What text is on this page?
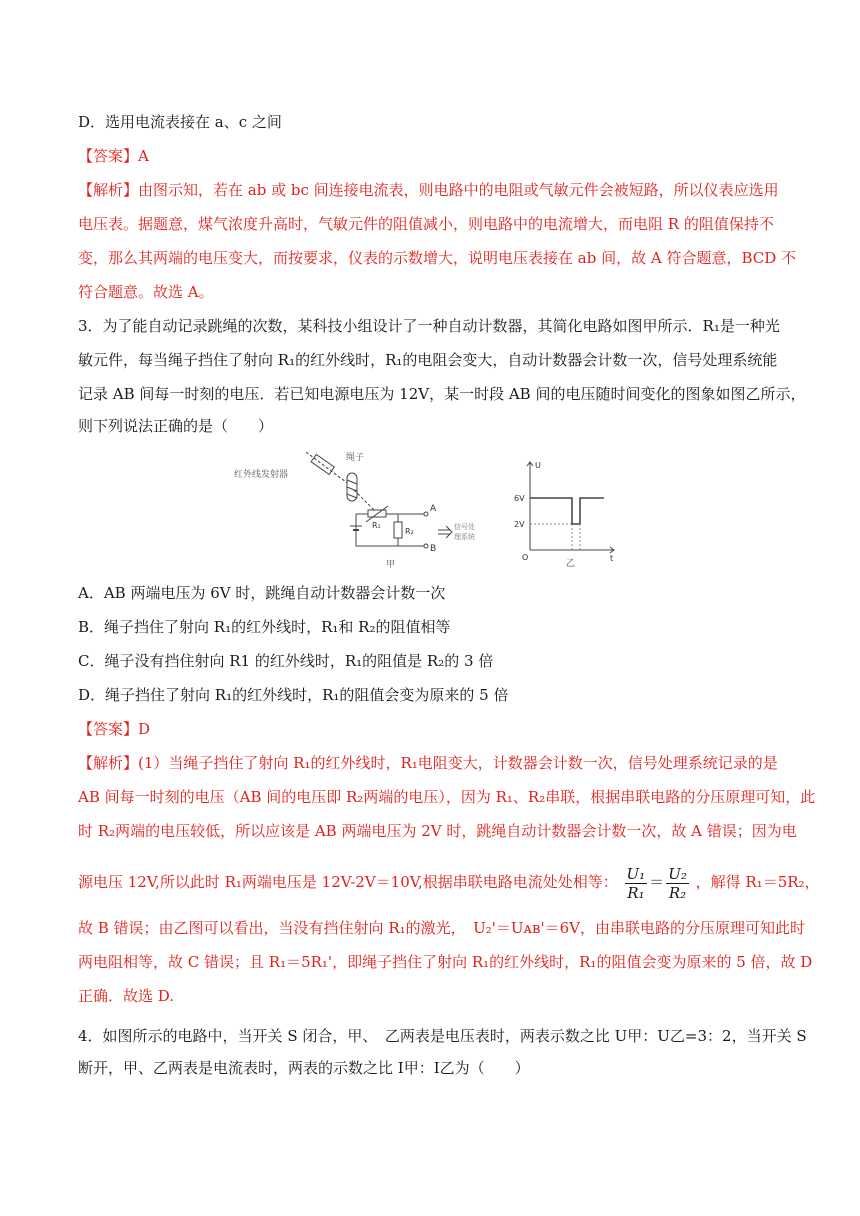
D．选用电流表接在 a、c 之间
【答案】A
【解析】由图示知，若在 ab 或 bc 间连接电流表，则电路中的电阻或气敏元件会被短路，所以仪表应选用
电压表。据题意，煤气浓度升高时，气敏元件的阻值减小，则电路中的电流增大，而电阻 R 的阻值保持不
变，那么其两端的电压变大，而按要求，仪表的示数增大，说明电压表接在 ab 间，故 A 符合题意，BCD 不
符合题意。故选 A。
3．为了能自动记录跳绳的次数，某科技小组设计了一种自动计数器，其简化电路如图甲所示．R₁是一种光
敏元件，每当绳子挡住了射向 R₁的红外线时，R₁的电阻会变大，自动计数器会计数一次，信号处理系统能
记录 AB 间每一时刻的电压．若已知电源电压为 12V，某一时段 AB 间的电压随时间变化的图象如图乙所示，
则下列说法正确的是（　　）
红外线发射器
绳子
R₁
R₂
A
B
信号处
理系统
甲
U
t
O
6V
2V
乙
A．AB 两端电压为 6V 时，跳绳自动计数器会计数一次
B．绳子挡住了射向 R₁的红外线时，R₁和 R₂的阻值相等
C．绳子没有挡住射向 R1 的红外线时，R₁的阻值是 R₂的 3 倍
D．绳子挡住了射向 R₁的红外线时，R₁的阻值会变为原来的 5 倍
【答案】D
【解析】(1）当绳子挡住了射向 R₁的红外线时，R₁电阻变大，计数器会计数一次，信号处理系统记录的是
AB 间每一时刻的电压（AB 间的电压即 R₂两端的电压），因为 R₁、R₂串联，根据串联电路的分压原理可知，此
时 R₂两端的电压较低，所以应该是 AB 两端电压为 2V 时，跳绳自动计数器会计数一次，故 A 错误；因为电
源电压 12V,所以此时 R₁两端电压是 12V-2V＝10V,根据串联电路电流处处相等： $\frac{\text{U₁}}{\text{R₁}} = \frac{\text{U₂}}{\text{R₂}}$ ，解得 R₁＝5R₂，
故 B 错误；由乙图可以看出，当没有挡住射向 R₁的激光，　U₂'＝Uᴀʙ'＝6V，由串联电路的分压原理可知此时
两电阻相等，故 C 错误；且 R₁＝5R₁'，即绳子挡住了射向 R₁的红外线时，R₁的阻值会变为原来的 5 倍，故 D
正确．故选 D.
4．如图所示的电路中，当开关 S 闭合，甲、　乙两表是电压表时，两表示数之比 U甲：U乙=3：2，当开关 S
断开，甲、乙两表是电流表时，两表的示数之比 I甲：I乙为（　　）
